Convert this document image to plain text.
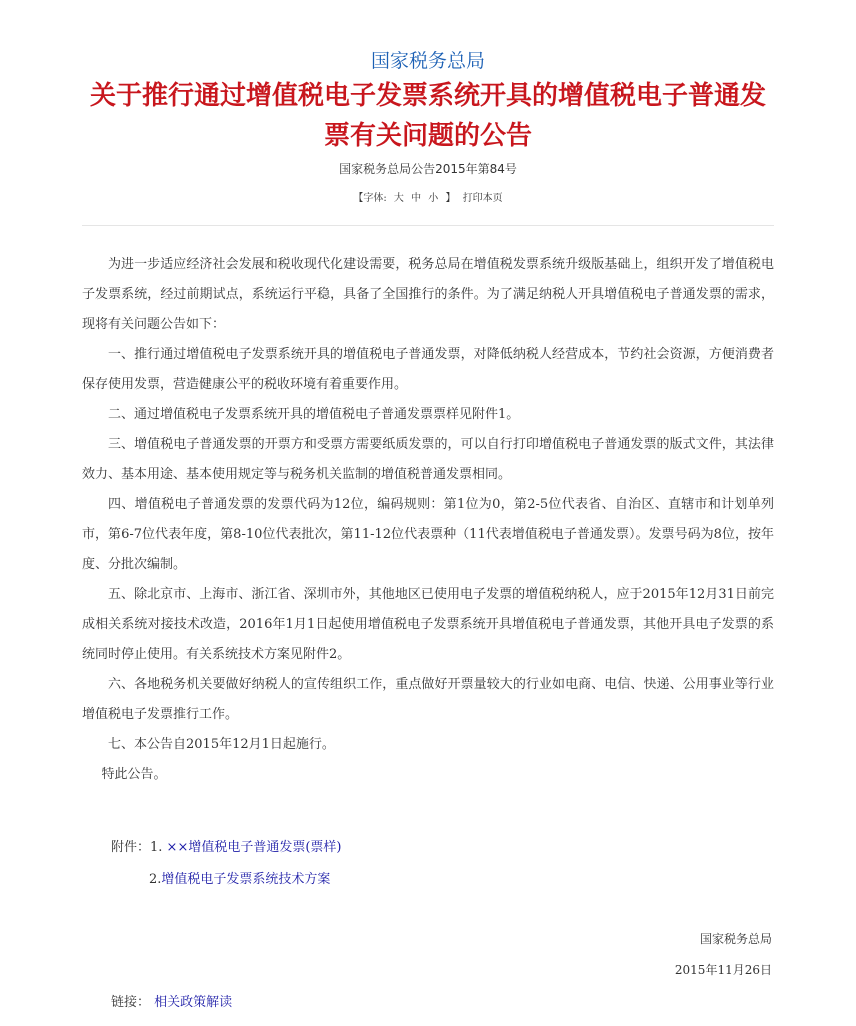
国家税务总局
关于推行通过增值税电子发票系统开具的增值税电子普通发票有关问题的公告
国家税务总局公告2015年第84号
【字体: 大 中 小 】 打印本页

为进一步适应经济社会发展和税收现代化建设需要，税务总局在增值税发票系统升级版基础上，组织开发了增值税电子发票系统，经过前期试点，系统运行平稳，具备了全国推行的条件。为了满足纳税人开具增值税电子普通发票的需求，现将有关问题公告如下：

一、推行通过增值税电子发票系统开具的增值税电子普通发票，对降低纳税人经营成本，节约社会资源，方便消费者保存使用发票，营造健康公平的税收环境有着重要作用。

二、通过增值税电子发票系统开具的增值税电子普通发票票样见附件1。

三、增值税电子普通发票的开票方和受票方需要纸质发票的，可以自行打印增值税电子普通发票的版式文件，其法律效力、基本用途、基本使用规定等与税务机关监制的增值税普通发票相同。

四、增值税电子普通发票的发票代码为12位，编码规则：第1位为0，第2-5位代表省、自治区、直辖市和计划单列市，第6-7位代表年度，第8-10位代表批次，第11-12位代表票种（11代表增值税电子普通发票）。发票号码为8位，按年度、分批次编制。

五、除北京市、上海市、浙江省、深圳市外，其他地区已使用电子发票的增值税纳税人，应于2015年12月31日前完成相关系统对接技术改造，2016年1月1日起使用增值税电子发票系统开具增值税电子普通发票，其他开具电子发票的系统同时停止使用。有关系统技术方案见附件2。

六、各地税务机关要做好纳税人的宣传组织工作，重点做好开票量较大的行业如电商、电信、快递、公用事业等行业增值税电子发票推行工作。

七、本公告自2015年12月1日起施行。

特此公告。

附件：1. ××增值税电子普通发票(票样)
2.增值税电子发票系统技术方案
国家税务总局
2015年11月26日
链接： 相关政策解读
